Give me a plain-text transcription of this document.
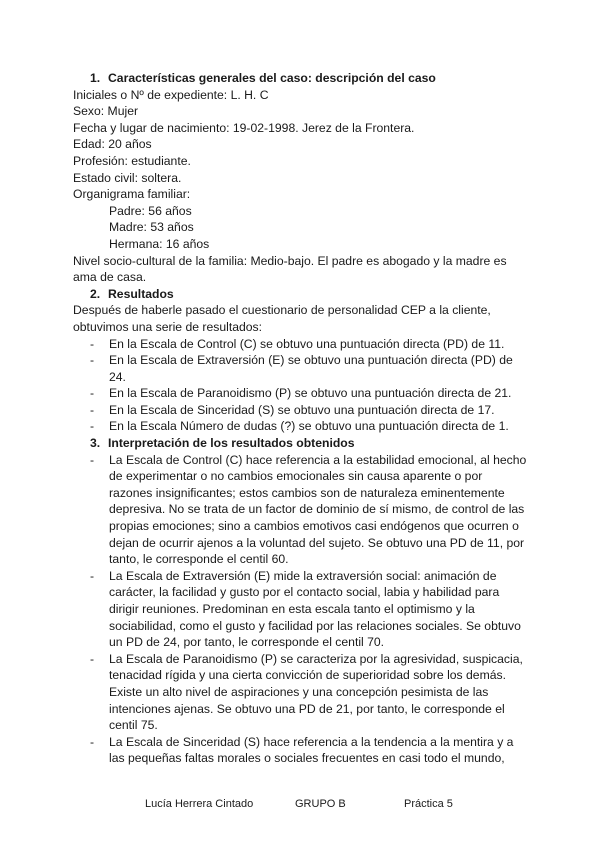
1. Características generales del caso: descripción del caso
Iniciales o Nº de expediente: L. H. C
Sexo: Mujer
Fecha y lugar de nacimiento: 19-02-1998. Jerez de la Frontera.
Edad: 20 años
Profesión: estudiante.
Estado civil: soltera.
Organigrama familiar:
Padre: 56 años
Madre: 53 años
Hermana: 16 años
Nivel socio-cultural de la familia: Medio-bajo. El padre es abogado y la madre es ama de casa.
2. Resultados
Después de haberle pasado el cuestionario de personalidad CEP a la cliente, obtuvimos una serie de resultados:
- En la Escala de Control (C) se obtuvo una puntuación directa (PD) de 11.
- En la Escala de Extraversión (E) se obtuvo una puntuación directa (PD) de 24.
- En la Escala de Paranoidismo (P) se obtuvo una puntuación directa de 21.
- En la Escala de Sinceridad (S) se obtuvo una puntuación directa de 17.
- En la Escala Número de dudas (?) se obtuvo una puntuación directa de 1.
3. Interpretación de los resultados obtenidos
- La Escala de Control (C) hace referencia a la estabilidad emocional, al hecho de experimentar o no cambios emocionales sin causa aparente o por razones insignificantes; estos cambios son de naturaleza eminentemente depresiva. No se trata de un factor de dominio de sí mismo, de control de las propias emociones; sino a cambios emotivos casi endógenos que ocurren o dejan de ocurrir ajenos a la voluntad del sujeto. Se obtuvo una PD de 11, por tanto, le corresponde el centil 60.
- La Escala de Extraversión (E) mide la extraversión social: animación de carácter, la facilidad y gusto por el contacto social, labia y habilidad para dirigir reuniones. Predominan en esta escala tanto el optimismo y la sociabilidad, como el gusto y facilidad por las relaciones sociales. Se obtuvo un PD de 24, por tanto, le corresponde el centil 70.
- La Escala de Paranoidismo (P) se caracteriza por la agresividad, suspicacia, tenacidad rígida y una cierta convicción de superioridad sobre los demás. Existe un alto nivel de aspiraciones y una concepción pesimista de las intenciones ajenas. Se obtuvo una PD de 21, por tanto, le corresponde el centil 75.
- La Escala de Sinceridad (S) hace referencia a la tendencia a la mentira y a las pequeñas faltas morales o sociales frecuentes en casi todo el mundo,
Lucía Herrera Cintado	GRUPO B	Práctica 5
